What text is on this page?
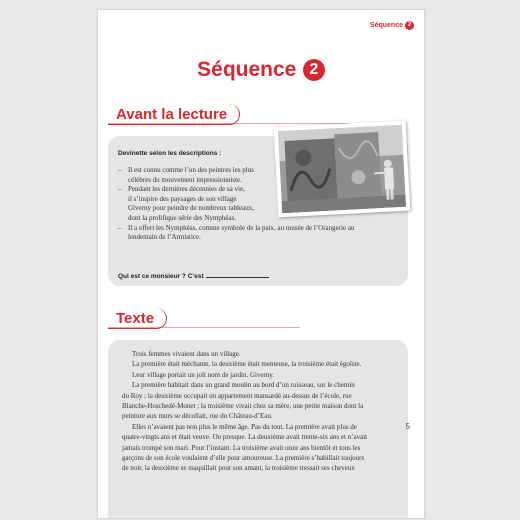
Séquence 2
Séquence 2
Avant la lecture
Devinette selon les descriptions :
– Il est connu comme l’un des peintres les plus
célèbres du mouvement impressionniste.
– Pendant les dernières décennies de sa vie,
il s’inspire des paysages de son village
Giverny pour peindre de nombreux tableaux,
dont la prolifique série des Nymphéas.
– Il a offert les Nymphéas, comme symbole de la paix, au musée de l’Orangerie au
lendemain de l’Armistice.
Qui est ce monsieur ? C’est	.
Texte
Trois femmes vivaient dans un village.
La première était méchante, la deuxième était menteuse, la troisième était égoïste.
Leur village portait un joli nom de jardin. Giverny.
La première habitait dans un grand moulin au bord d’un ruisseau, sur le chemin
du Roy ; la deuxième occupait un appartement mansardé au-dessus de l’école, rue
Blanche-Hoschedé-Monet ; la troisième vivait chez sa mère, une petite maison dont la
peinture aux murs se décollait, rue du Château-d’Eau.
Elles n’avaient pas non plus le même âge. Pas du tout. La première avait plus de
quatre-vingts ans et était veuve. Ou presque. La deuxième avait trente-six ans et n’avait
jamais trompé son mari. Pour l’instant. La troisième avait onze ans bientôt et tous les
garçons de son école voulaient d’elle pour amoureuse. La première s’habillait toujours
de noir, la deuxième se maquillait pour son amant, la troisième tressait ses cheveux
5
